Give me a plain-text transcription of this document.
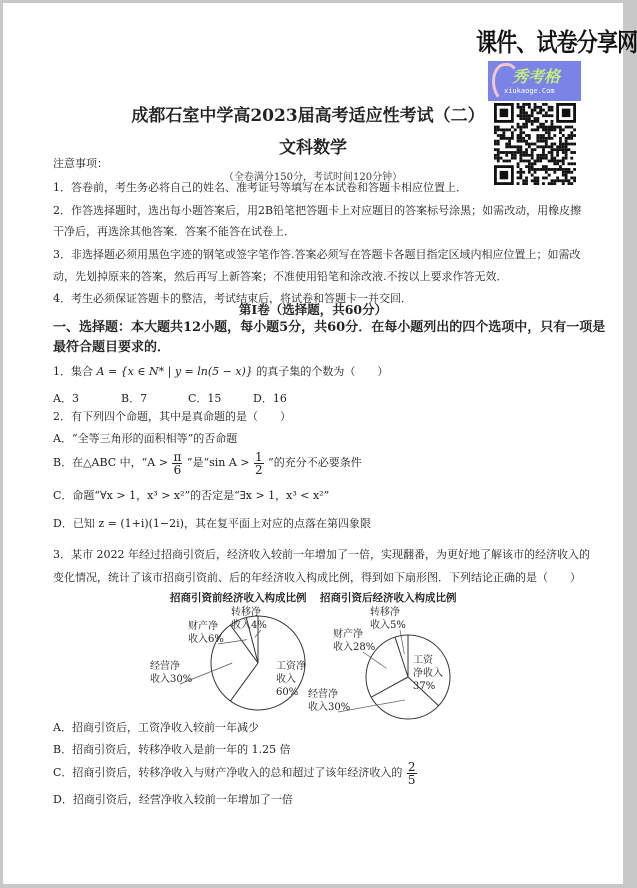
课件、试卷分享网
秀考格
xiukaoge.Com
成都石室中学高2023届高考适应性考试（二）
文科数学
（全卷满分150分，考试时间120分钟）
注意事项：
1．答卷前，考生务必将自己的姓名、准考证号等填写在本试卷和答题卡相应位置上．
2．作答选择题时，选出每小题答案后，用2B铅笔把答题卡上对应题目的答案标号涂黑；如需改动，用橡皮擦
干净后，再选涂其他答案．答案不能答在试卷上．
3．非选择题必须用黑色字迹的钢笔或签字笔作答.答案必须写在答题卡各题目指定区域内相应位置上；如需改
动，先划掉原来的答案，然后再写上新答案；不准使用铅笔和涂改液.不按以上要求作答无效．
4．考生必须保证答题卡的整洁，考试结束后，将试卷和答题卡一并交回．
第Ⅰ卷（选择题，共60分）
一、选择题：本大题共12小题，每小题5分，共60分．在每小题列出的四个选项中，只有一项是
最符合题目要求的．
1．集合 A = {x ∈ N* | y = ln(5 − x)} 的真子集的个数为（　　）
A．3	B．7	C．15	D．16
2．有下列四个命题，其中是真命题的是（　　）
A．“全等三角形的面积相等”的否命题
B．在△ABC 中，“$A > \frac{\pi}{6}$ ”是“sin $A > \frac{1}{2}$ ”的充分不必要条件
C．命题“∀x > 1，x³ > x²”的否定是“∃x > 1，x³ < x²”
D．已知 z = (1+i)(1−2i)，其在复平面上对应的点落在第四象限
3．某市 2022 年经过招商引资后，经济收入较前一年增加了一倍，实现翻番，为更好地了解该市的经济收入的
变化情况，统计了该市招商引资前、后的年经济收入构成比例，得到如下扇形图．下列结论正确的是（　　）
招商引资前经济收入构成比例 招商引资后经济收入构成比例
工资净收入 60%
经营净收入30%
财产净收入6%
转移净收入4%
工资净收入 37%
经营净收入30%
财产净收入28%
转移净收入5%
A．招商引资后，工资净收入较前一年减少
B．招商引资后，转移净收入是前一年的 1.25 倍
C．招商引资后，转移净收入与财产净收入的总和超过了该年经济收入的 $\frac{2}{5}$
D．招商引资后，经营净收入较前一年增加了一倍
